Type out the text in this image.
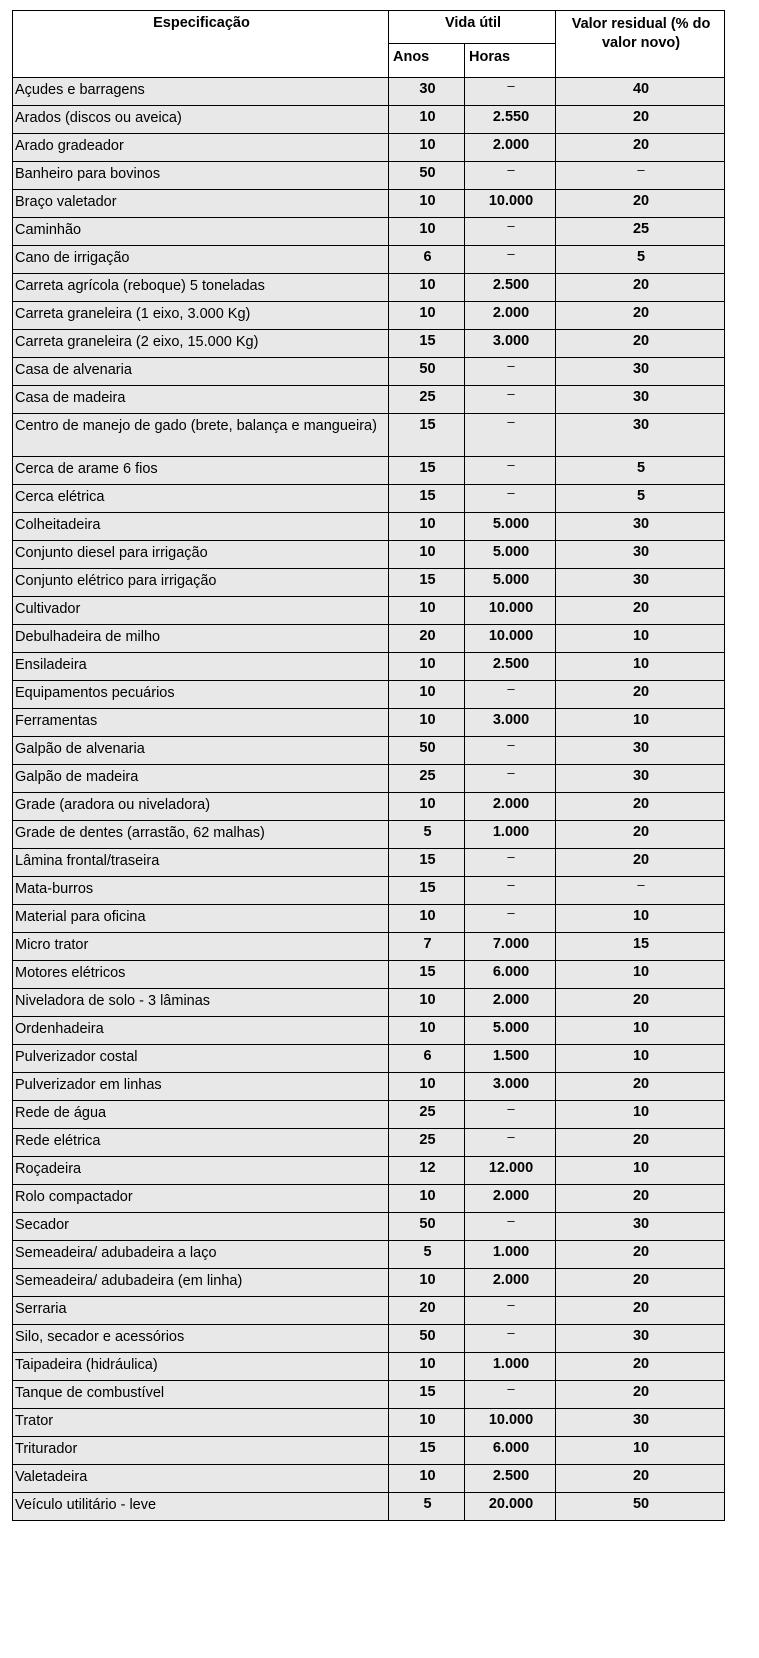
Especificação	Vida útil		Valor residual (% do valor novo)
	Anos	Horas	
Açudes e barragens	30	–	40
Arados (discos ou aveica)	10	2.550	20
Arado gradeador	10	2.000	20
Banheiro para bovinos	50	–	–
Braço valetador	10	10.000	20
Caminhão	10	–	25
Cano de irrigação	6	–	5
Carreta agrícola (reboque) 5 toneladas	10	2.500	20
Carreta graneleira (1 eixo, 3.000 Kg)	10	2.000	20
Carreta graneleira (2 eixo, 15.000 Kg)	15	3.000	20
Casa de alvenaria	50	–	30
Casa de madeira	25	–	30
Centro de manejo de gado (brete, balança e mangueira)	15	–	30
Cerca de arame 6 fios	15	–	5
Cerca elétrica	15	–	5
Colheitadeira	10	5.000	30
Conjunto diesel para irrigação	10	5.000	30
Conjunto elétrico para irrigação	15	5.000	30
Cultivador	10	10.000	20
Debulhadeira de milho	20	10.000	10
Ensiladeira	10	2.500	10
Equipamentos pecuários	10	–	20
Ferramentas	10	3.000	10
Galpão de alvenaria	50	–	30
Galpão de madeira	25	–	30
Grade (aradora ou niveladora)	10	2.000	20
Grade de dentes (arrastão, 62 malhas)	5	1.000	20
Lâmina frontal/traseira	15	–	20
Mata-burros	15	–	–
Material para oficina	10	–	10
Micro trator	7	7.000	15
Motores elétricos	15	6.000	10
Niveladora de solo - 3 lâminas	10	2.000	20
Ordenhadeira	10	5.000	10
Pulverizador costal	6	1.500	10
Pulverizador em linhas	10	3.000	20
Rede de água	25	–	10
Rede elétrica	25	–	20
Roçadeira	12	12.000	10
Rolo compactador	10	2.000	20
Secador	50	–	30
Semeadeira/ adubadeira a laço	5	1.000	20
Semeadeira/ adubadeira (em linha)	10	2.000	20
Serraria	20	–	20
Silo, secador e acessórios	50	–	30
Taipadeira (hidráulica)	10	1.000	20
Tanque de combustível	15	–	20
Trator	10	10.000	30
Triturador	15	6.000	10
Valetadeira	10	2.500	20
Veículo utilitário - leve	5	20.000	50
